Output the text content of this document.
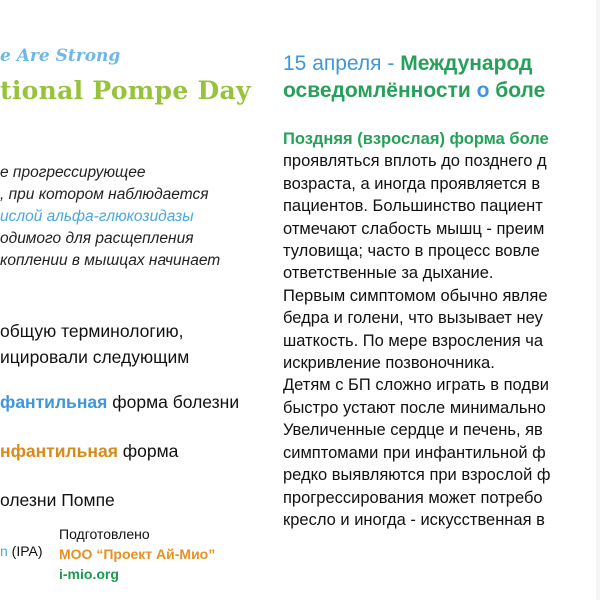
e Are Strong
tional Pompe Day
е прогрессирующее
, при котором наблюдается
ислой альфа-глюкозидазы
одимого для расщепления
коплении в мышцах начинает
общую терминологию,
ицировали следующим
фантильная форма болезни
нфантильная форма
олезни Помпе
n (IPA)
Подготовлено
МОО “Проект Ай-Мио”
i-mio.org
15 апреля - Международ
осведомлённости о боле
Поздняя (взрослая) форма боле
проявляться вплоть до позднего д
возраста, а иногда проявляется в
пациентов. Большинство пациент
отмечают слабость мышц - преим
туловища; часто в процесс вовле
ответственные за дыхание.
Первым симптомом обычно являе
бедра и голени, что вызывает неу
шаткость. По мере взросления ча
искривление позвоночника.
Детям с БП сложно играть в подви
быстро устают после минимально
Увеличенные сердце и печень, яв
симптомами при инфантильной ф
редко выявляются при взрослой ф
прогрессирования может потребо
кресло и иногда - искусственная в
